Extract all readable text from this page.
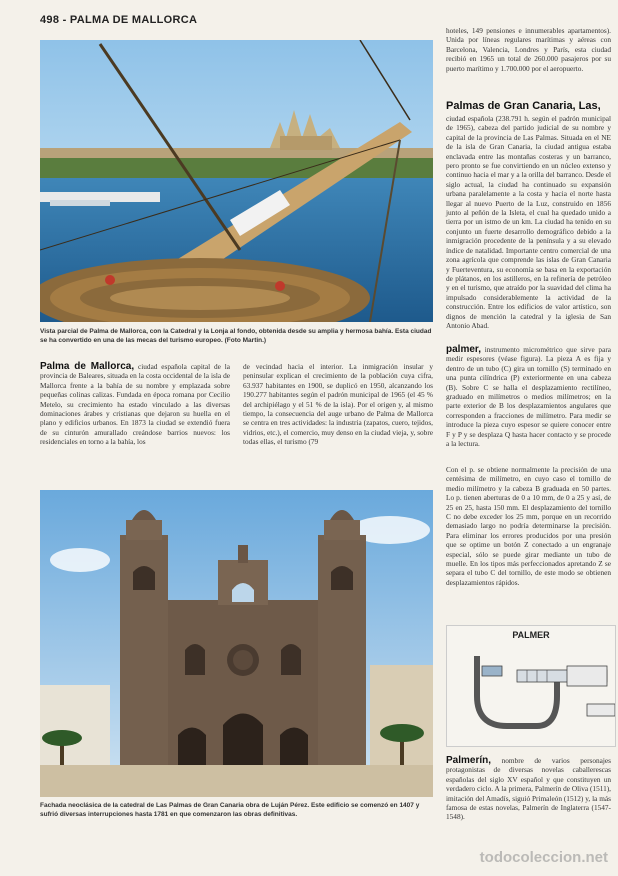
498 - PALMA DE MALLORCA
Vista parcial de Palma de Mallorca, con la Catedral y la Lonja al fondo, obtenida desde su amplia y hermosa bahía. Esta ciudad se ha convertido en una de las mecas del turismo europeo. (Foto Martin.)

Palma de Mallorca, ciudad española capital de la provincia de Baleares, situada en la costa occidental de la isla de Mallorca frente a la bahía de su nombre y emplazada sobre pequeñas colinas calizas. Fundada en época romana por Cecilio Metelo, su crecimiento ha estado vinculado a las diversas dominaciones árabes y cristianas que dejaron su huella en el plano y edificios urbanos. En 1873 la ciudad se extendió fuera de su cinturón amurallado creándose barrios nuevos: los residenciales en torno a la bahía, los

de vecindad hacia el interior. La inmigración insular y peninsular explican el crecimiento de la población cuya cifra, 63.937 habitantes en 1900, se duplicó en 1950, alcanzando los 190.277 habitantes según el padrón municipal de 1965 (el 45 % del archipiélago y el 51 % de la isla). Por el origen y, al mismo tiempo, la consecuencia del auge urbano de Palma de Mallorca se centra en tres actividades: la industria (zapatos, cuero, tejidos, vidrios, etc.), el comercio, muy denso en la ciudad vieja, y, sobre todas ellas, el turismo (79

Fachada neoclásica de la catedral de Las Palmas de Gran Canaria obra de Luján Pérez. Este edificio se comenzó en 1407 y sufrió diversas interrupciones hasta 1781 en que comenzaron las obras definitivas.

hoteles, 149 pensiones e innumerables apartamentos). Unida por líneas regulares marítimas y aéreas con Barcelona, Valencia, Londres y París, esta ciudad recibió en 1965 un total de 260.000 pasajeros por su puerto marítimo y 1.700.000 por el aeropuerto.

Palmas de Gran Canaria, Las,

ciudad española (238.791 h. según el padrón municipal de 1965), cabeza del partido judicial de su nombre y capital de la provincia de Las Palmas. Situada en el NE de la isla de Gran Canaria, la ciudad antigua estaba enclavada entre las montañas costeras y un barranco, pero pronto se fue convirtiendo en un núcleo extenso y continuo hacia el mar y a la orilla del barranco. Desde el siglo actual, la ciudad ha continuado su expansión urbana paralelamente a la costa y hacia el norte hasta llegar al nuevo Puerto de la Luz, construido en 1856 junto al peñón de la Isleta, el cual ha quedado unido a tierra por un istmo de un km. La ciudad ha tenido en su conjunto un fuerte desarrollo demográfico debido a la inmigración procedente de la península y a su elevado índice de natalidad. Importante centro comercial de una zona agrícola que comprende las islas de Gran Canaria y Fuerteventura, su economía se basa en la exportación de plátanos, en los astilleros, en la refinería de petróleo y en el turismo, que atraído por la suavidad del clima ha impulsado considerablemente la actividad de la construcción. Entre los edificios de valor artístico, son dignos de mención la catedral y la iglesia de San Antonio Abad.

palmer, instrumento micrométrico que sirve para medir espesores (véase figura). La pieza A es fija y dentro de un tubo (C) gira un tornillo (S) terminado en una punta cilíndrica (P) exteriormente en una cabeza (B). Sobre C se halla el desplazamiento rectilíneo, graduado en milímetros o medios milímetros; en la parte exterior de B los desplazamientos angulares que corresponden a fracciones de milímetro. Para medir se introduce la pieza cuyo espesor se quiere conocer entre F y P y se desplaza Q hasta hacer contacto y se procede a la lectura.

Con el p. se obtiene normalmente la precisión de una centésima de milímetro, en cuyo caso el tornillo de medio milímetro y la cabeza B graduada en 50 partes. Lo p. tienen aberturas de 0 a 10 mm, de 0 a 25 y así, de 25 en 25, hasta 150 mm. El desplazamiento del tornillo C no debe exceder los 25 mm, porque en un recorrido demasiado largo no podría determinarse la precisión. Para eliminar los errores producidos por una presión que se optime un botón Z conectado a un engranaje especial, sólo se puede girar mediante un tubo de muelle. En los tipos más perfeccionados apretando Z se separa el tubo C del tornillo, de este modo se obtienen desplazamientos rápidos.

PALMER

Palmerín, nombre de varios personajes protagonistas de diversas novelas caballerescas españolas del siglo XV español y que constituyen un verdadero ciclo. A la primera, Palmerín de Oliva (1511), imitación del Amadís, siguió Primaleón (1512) y, la más famosa de estas novelas, Palmerín de Inglaterra (1547-1548).

todocoleccion.net
